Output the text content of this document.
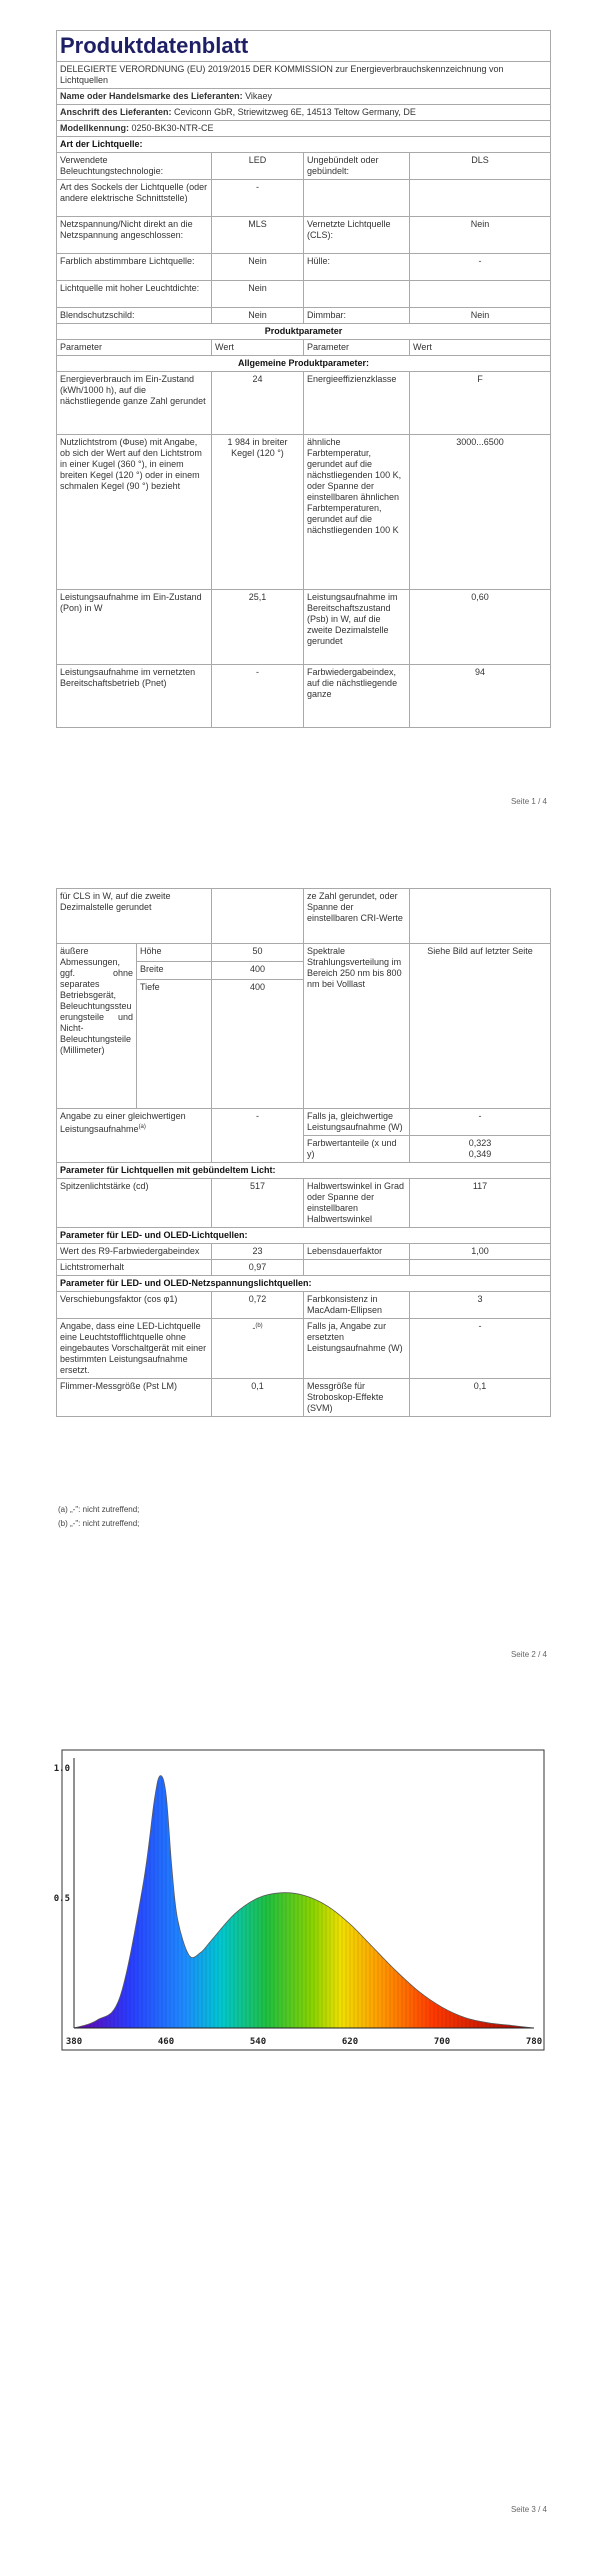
Produktdatenblatt			

DELEGIERTE VERORDNUNG (EU) 2019/2015 DER KOMMISSION zur Energieverbrauchskennzeichnung von Lichtquellen			
Name oder Handelsmarke des Lieferanten: Vikaey			
Anschrift des Lieferanten: Ceviconn GbR, Striewitzweg 6E, 14513 Teltow Germany, DE			
Modellkennung: 0250-BK30-NTR-CE			
Art der Lichtquelle:			
Verwendete Beleuchtungstechnologie:	LED	Ungebündelt oder gebündelt:	DLS
Art des Sockels der Lichtquelle (oder andere elektrische Schnittstelle)	-		
Netzspannung/Nicht direkt an die Netzspannung angeschlossen:	MLS	Vernetzte Lichtquelle (CLS):	Nein
Farblich abstimmbare Lichtquelle:	Nein	Hülle:	-
Lichtquelle mit hoher Leuchtdichte:	Nein		
Blendschutzschild:	Nein	Dimmbar:	Nein
Produktparameter			
Parameter	Wert	Parameter	Wert
Allgemeine Produktparameter:			
Energieverbrauch im Ein-Zustand (kWh/1000 h), auf die nächstliegende ganze Zahl gerundet	24	Energieeffizienzklasse	F
Nutzlichtstrom (Φuse) mit Angabe, ob sich der Wert auf den Lichtstrom in einer Kugel (360 °), in einem breiten Kegel (120 °) oder in einem schmalen Kegel (90 °) bezieht	1 984 in breiter Kegel (120 °)	ähnliche Farbtemperatur, gerundet auf die nächstliegenden 100 K, oder Spanne der einstellbaren ähnlichen Farbtemperaturen, gerundet auf die nächstliegenden 100 K	3000...6500
Leistungsaufnahme im Ein-Zustand (Pon) in W	25,1	Leistungsaufnahme im Bereitschaftszustand (Psb) in W, auf die zweite Dezimalstelle gerundet	0,60
Leistungsaufnahme im vernetzten Bereitschaftsbetrieb (Pnet)	-	Farbwiedergabeindex, auf die nächstliegende ganze	94
Seite 1 / 4
für CLS in W, auf die zweite Dezimalstelle gerundet			ze Zahl gerundet, oder Spanne der einstellbaren CRI-Werte	
äußere Abmessungen, ggf. ohne separates Betriebsgerät, Beleuchtungssteuerungsteile und Nicht-Beleuchtungsteile (Millimeter)	Höhe	50	Spektrale Strahlungsverteilung im Bereich 250 nm bis 800 nm bei Volllast	Siehe Bild auf letzter Seite
	Breite	400		
	Tiefe	400		
Angabe zu einer gleichwertigen Leistungsaufnahme$^{(a)}$		-	Falls ja, gleichwertige Leistungsaufnahme (W)	-
			Farbwertanteile (x und y)	0,323
0,349

Parameter für Lichtquellen mit gebündeltem Licht:				
Spitzenlichtstärke (cd)		517	Halbwertswinkel in Grad oder Spanne der einstellbaren Halbwertswinkel	117
Parameter für LED- und OLED-Lichtquellen:				
Wert des R9-Farbwiedergabeindex		23	Lebensdauerfaktor	1,00
Lichtstromerhalt		0,97		
Parameter für LED- und OLED-Netzspannungslichtquellen:				
Verschiebungsfaktor (cos φ1)		0,72	Farbkonsistenz in MacAdam-Ellipsen	3
Angabe, dass eine LED-Lichtquelle eine Leuchtstofflichtquelle ohne eingebautes Vorschaltgerät mit einer bestimmten Leistungsaufnahme ersetzt.		-$^{(b)}$	Falls ja, Angabe zur ersetzten Leistungsaufnahme (W)	-
Flimmer-Messgröße (Pst LM)		0,1	Messgröße für Stroboskop-Effekte (SVM)	0,1
(a) „-": nicht zutreffend;
(b) „-": nicht zutreffend;
Seite 2 / 4
380	460	540	620	700	780
0.5
1.0
Seite 3 / 4
